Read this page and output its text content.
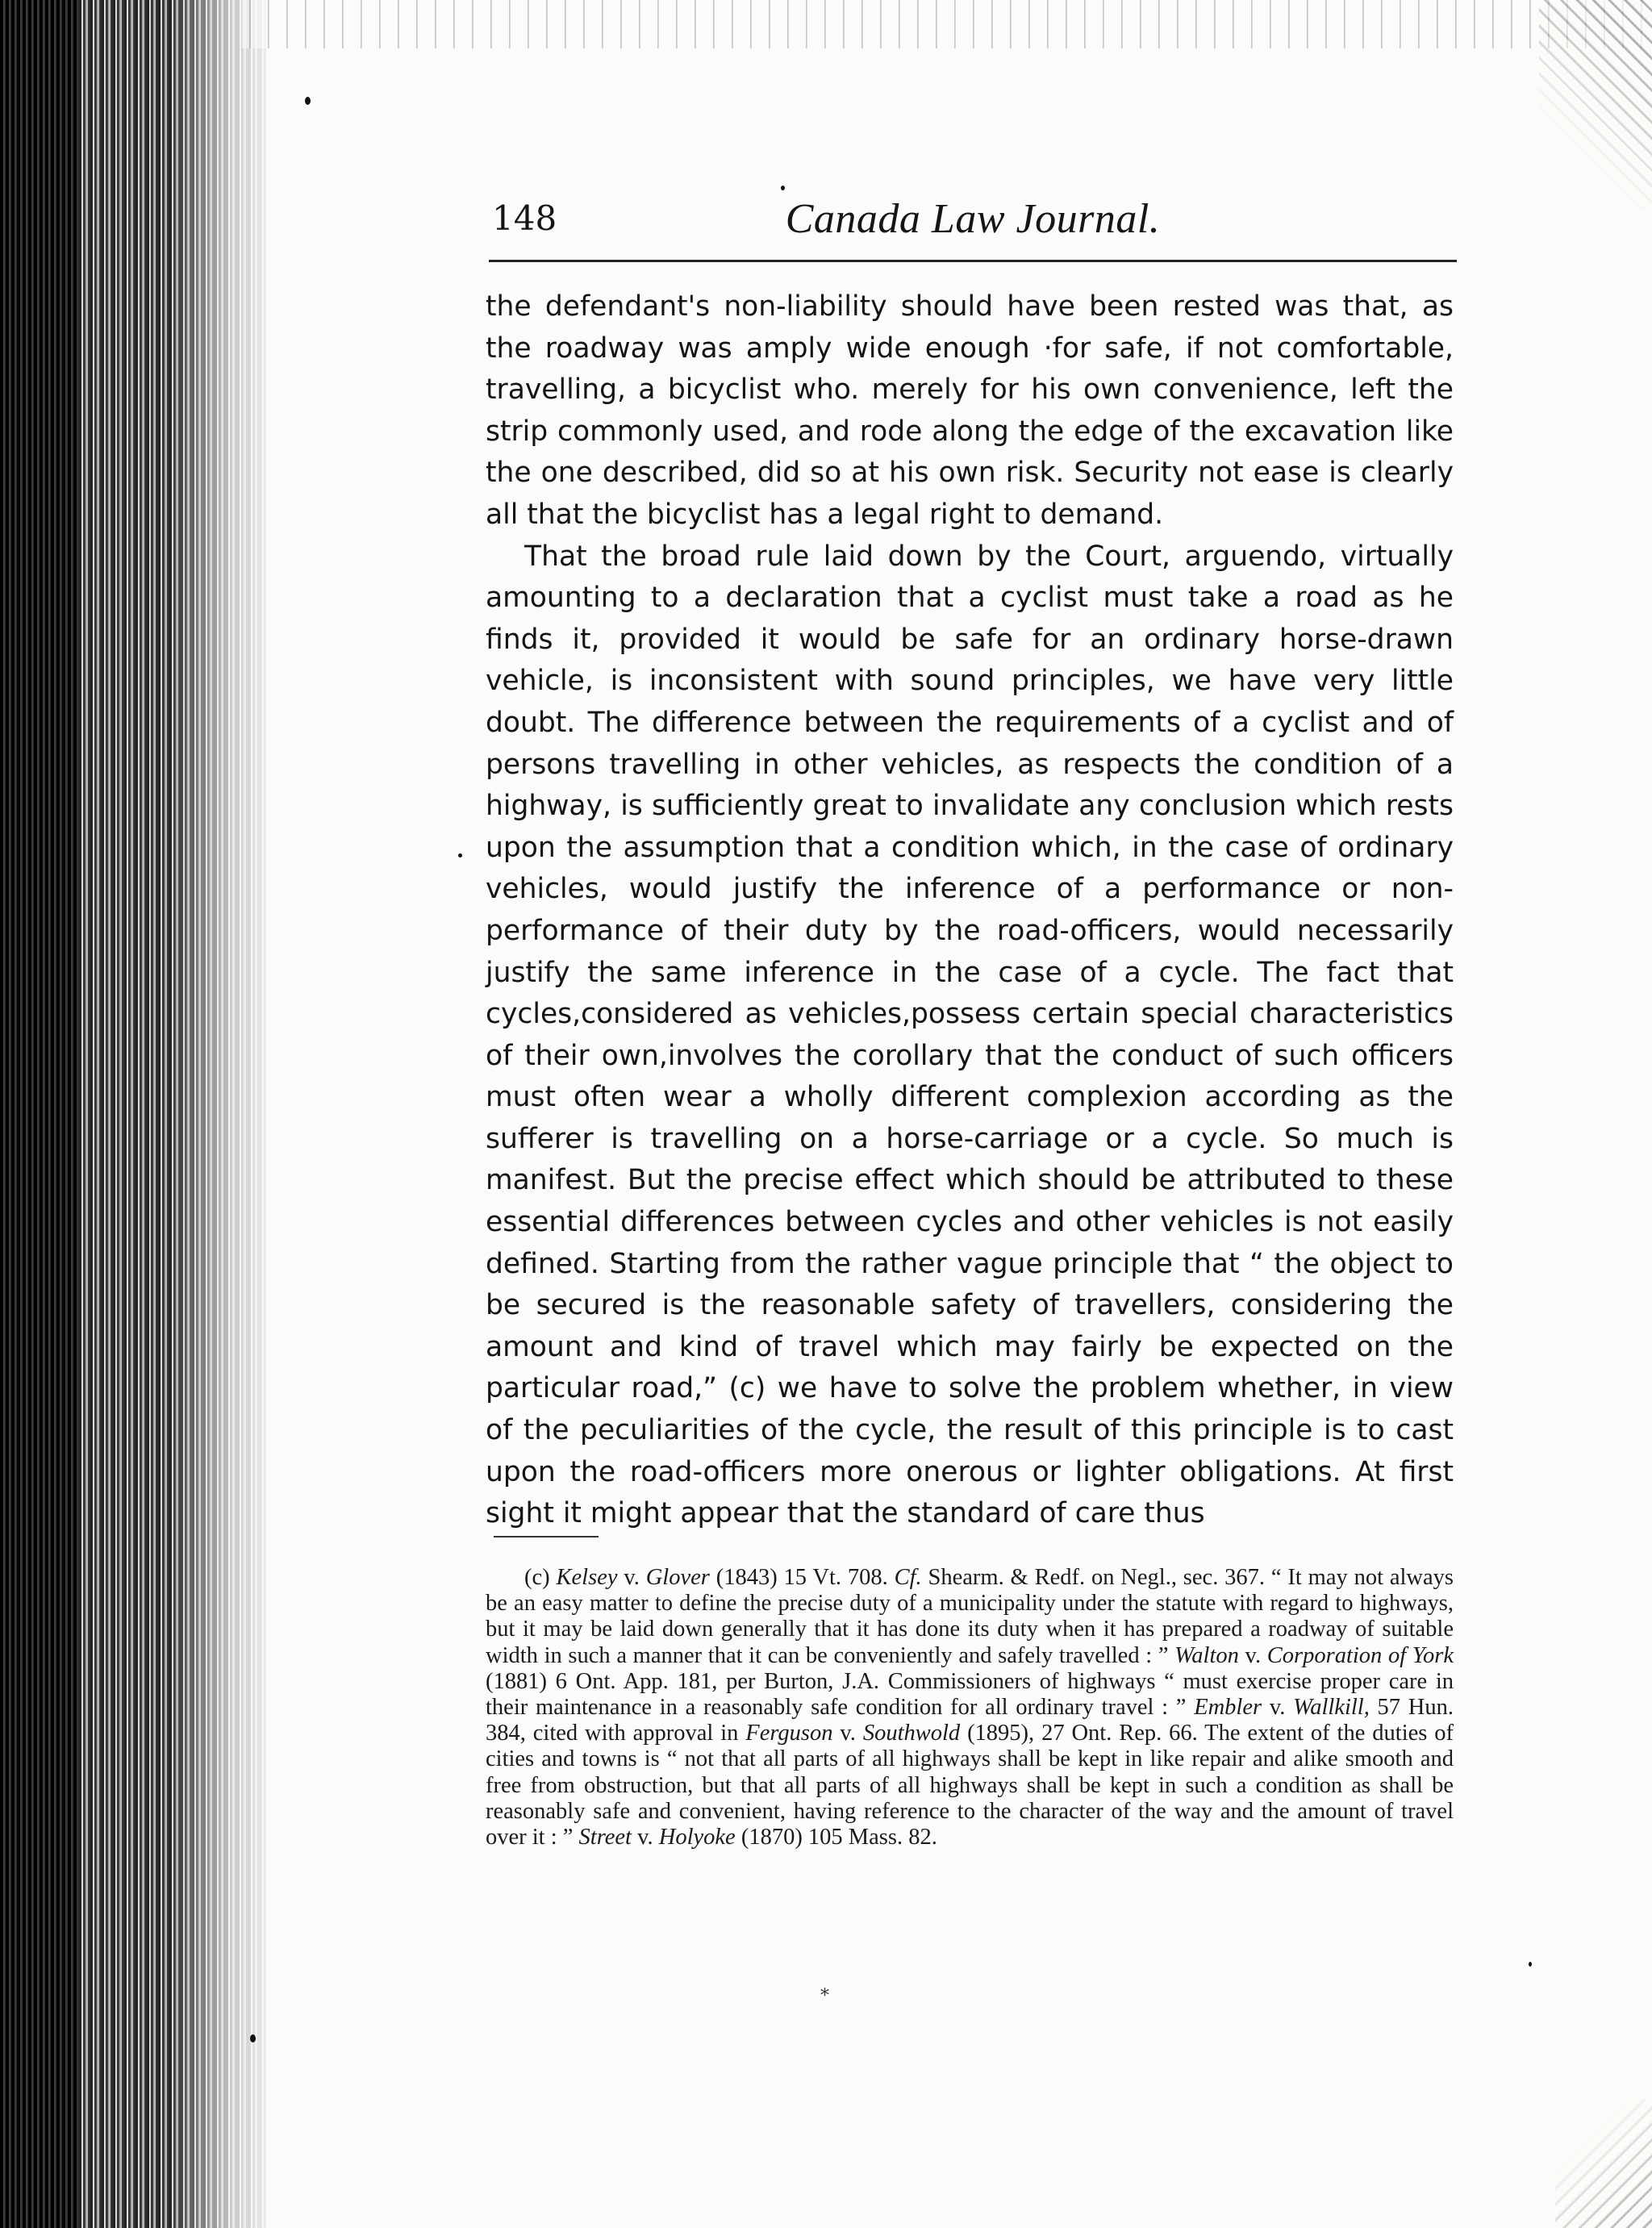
148	Canada Law Journal.

the defendant's non-liability should have been rested was that, as the roadway was amply wide enough ·for safe, if not comfortable, travelling, a bicyclist who. merely for his own convenience, left the strip commonly used, and rode along the edge of the excavation like the one described, did so at his own risk. Security not ease is clearly all that the bicyclist has a legal right to demand.

That the broad rule laid down by the Court, arguendo, virtually amounting to a declaration that a cyclist must take a road as he finds it, provided it would be safe for an ordinary horse-drawn vehicle, is inconsistent with sound principles, we have very little doubt. The difference between the requirements of a cyclist and of persons travelling in other vehicles, as respects the condition of a highway, is sufficiently great to invalidate any conclusion which rests upon the assumption that a condition which, in the case of ordinary vehicles, would justify the inference of a performance or non-performance of their duty by the road-officers, would necessarily justify the same inference in the case of a cycle. The fact that cycles,considered as vehicles,possess certain special characteristics of their own,involves the corollary that the conduct of such officers must often wear a wholly different complexion according as the sufferer is travelling on a horse-carriage or a cycle. So much is manifest. But the precise effect which should be attributed to these essential differences between cycles and other vehicles is not easily defined. Starting from the rather vague principle that “ the object to be secured is the reasonable safety of travellers, considering the amount and kind of travel which may fairly be expected on the particular road,” (c) we have to solve the problem whether, in view of the peculiarities of the cycle, the result of this principle is to cast upon the road-officers more onerous or lighter obligations. At first sight it might appear that the standard of care thus

(c) Kelsey v. Glover (1843) 15 Vt. 708. Cf. Shearm. & Redf. on Negl., sec. 367. “ It may not always be an easy matter to define the precise duty of a municipality under the statute with regard to highways, but it may be laid down generally that it has done its duty when it has prepared a roadway of suitable width in such a manner that it can be conveniently and safely travelled : ” Walton v. Corporation of York (1881) 6 Ont. App. 181, per Burton, J.A. Commissioners of highways “ must exercise proper care in their maintenance in a reasonably safe condition for all ordinary travel : ” Embler v. Wallkill, 57 Hun. 384, cited with approval in Ferguson v. Southwold (1895), 27 Ont. Rep. 66. The extent of the duties of cities and towns is “ not that all parts of all highways shall be kept in like repair and alike smooth and free from obstruction, but that all parts of all highways shall be kept in such a condition as shall be reasonably safe and convenient, having reference to the character of the way and the amount of travel over it : ” Street v. Holyoke (1870) 105 Mass. 82.

*
